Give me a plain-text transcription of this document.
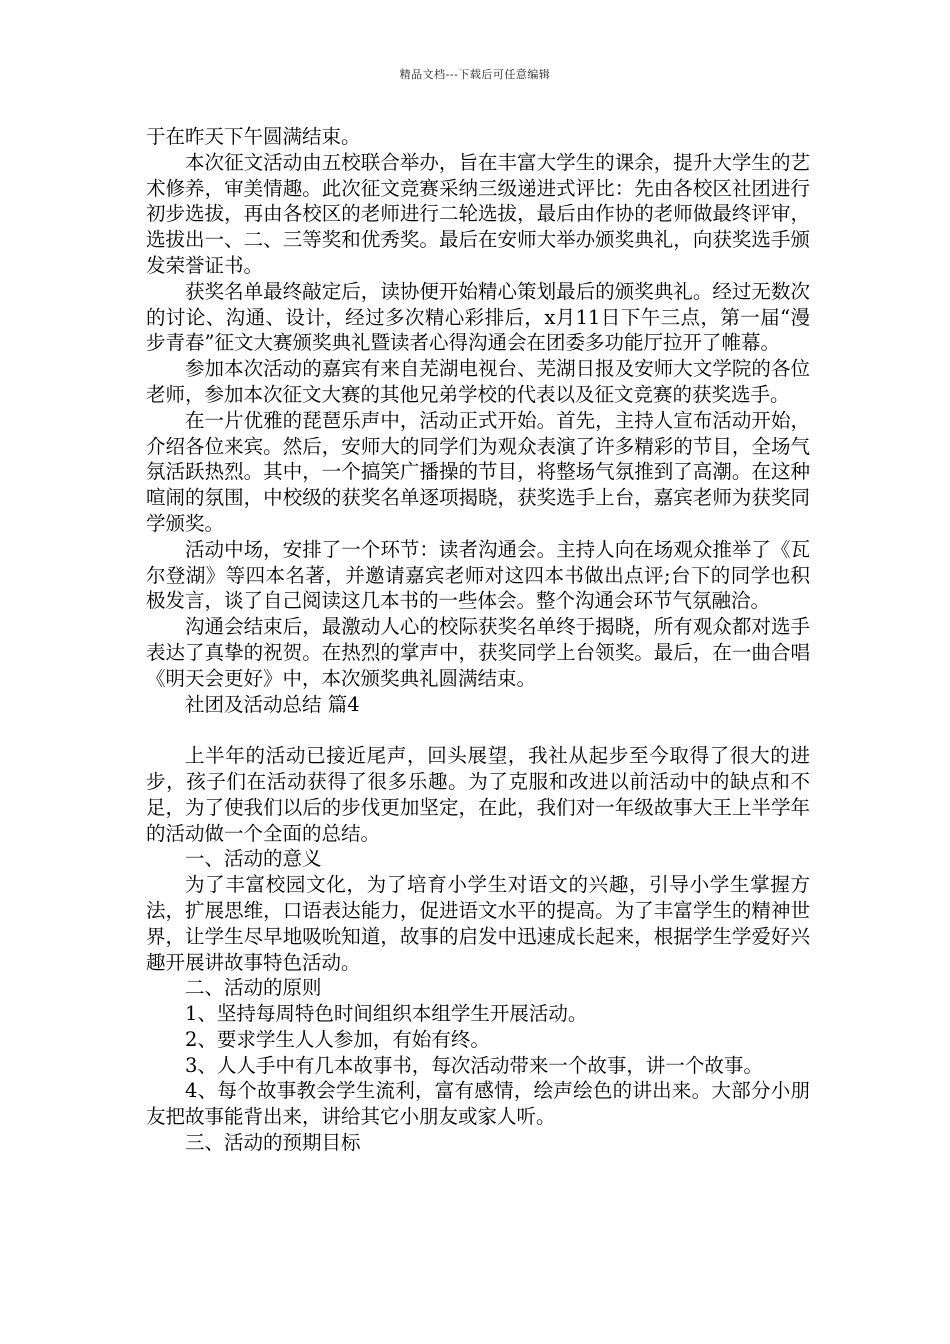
精品文档---下载后可任意编辑

于在昨天下午圆满结束。

本次征文活动由五校联合举办，旨在丰富大学生的课余，提升大学生的艺术修养，审美情趣。此次征文竞赛采纳三级递进式评比：先由各校区社团进行初步选拔，再由各校区的老师进行二轮选拔，最后由作协的老师做最终评审，选拔出一、二、三等奖和优秀奖。最后在安师大举办颁奖典礼，向获奖选手颁发荣誉证书。

获奖名单最终敲定后，读协便开始精心策划最后的颁奖典礼。经过无数次的讨论、沟通、设计，经过多次精心彩排后，x月11日下午三点，第一届“漫步青春”征文大赛颁奖典礼暨读者心得沟通会在团委多功能厅拉开了帷幕。

参加本次活动的嘉宾有来自芜湖电视台、芜湖日报及安师大文学院的各位老师，参加本次征文大赛的其他兄弟学校的代表以及征文竞赛的获奖选手。

在一片优雅的琵琶乐声中，活动正式开始。首先，主持人宣布活动开始，介绍各位来宾。然后，安师大的同学们为观众表演了许多精彩的节目，全场气氛活跃热烈。其中，一个搞笑广播操的节目，将整场气氛推到了高潮。在这种喧闹的氛围，中校级的获奖名单逐项揭晓，获奖选手上台，嘉宾老师为获奖同学颁奖。

活动中场，安排了一个环节：读者沟通会。主持人向在场观众推举了《瓦尔登湖》等四本名著，并邀请嘉宾老师对这四本书做出点评;台下的同学也积极发言，谈了自己阅读这几本书的一些体会。整个沟通会环节气氛融洽。

沟通会结束后，最激动人心的校际获奖名单终于揭晓，所有观众都对选手表达了真挚的祝贺。在热烈的掌声中，获奖同学上台领奖。最后，在一曲合唱《明天会更好》中，本次颁奖典礼圆满结束。

社团及活动总结 篇4

上半年的活动已接近尾声，回头展望，我社从起步至今取得了很大的进步，孩子们在活动获得了很多乐趣。为了克服和改进以前活动中的缺点和不足，为了使我们以后的步伐更加坚定，在此，我们对一年级故事大王上半学年的活动做一个全面的总结。

一、活动的意义

为了丰富校园文化，为了培育小学生对语文的兴趣，引导小学生掌握方法，扩展思维，口语表达能力，促进语文水平的提高。为了丰富学生的精神世界，让学生尽早地吸吮知道，故事的启发中迅速成长起来，根据学生学爱好兴趣开展讲故事特色活动。

二、活动的原则

1、坚持每周特色时间组织本组学生开展活动。

2、要求学生人人参加，有始有终。

3、人人手中有几本故事书，每次活动带来一个故事，讲一个故事。

4、每个故事教会学生流利，富有感情，绘声绘色的讲出来。大部分小朋友把故事能背出来，讲给其它小朋友或家人听。

三、活动的预期目标
